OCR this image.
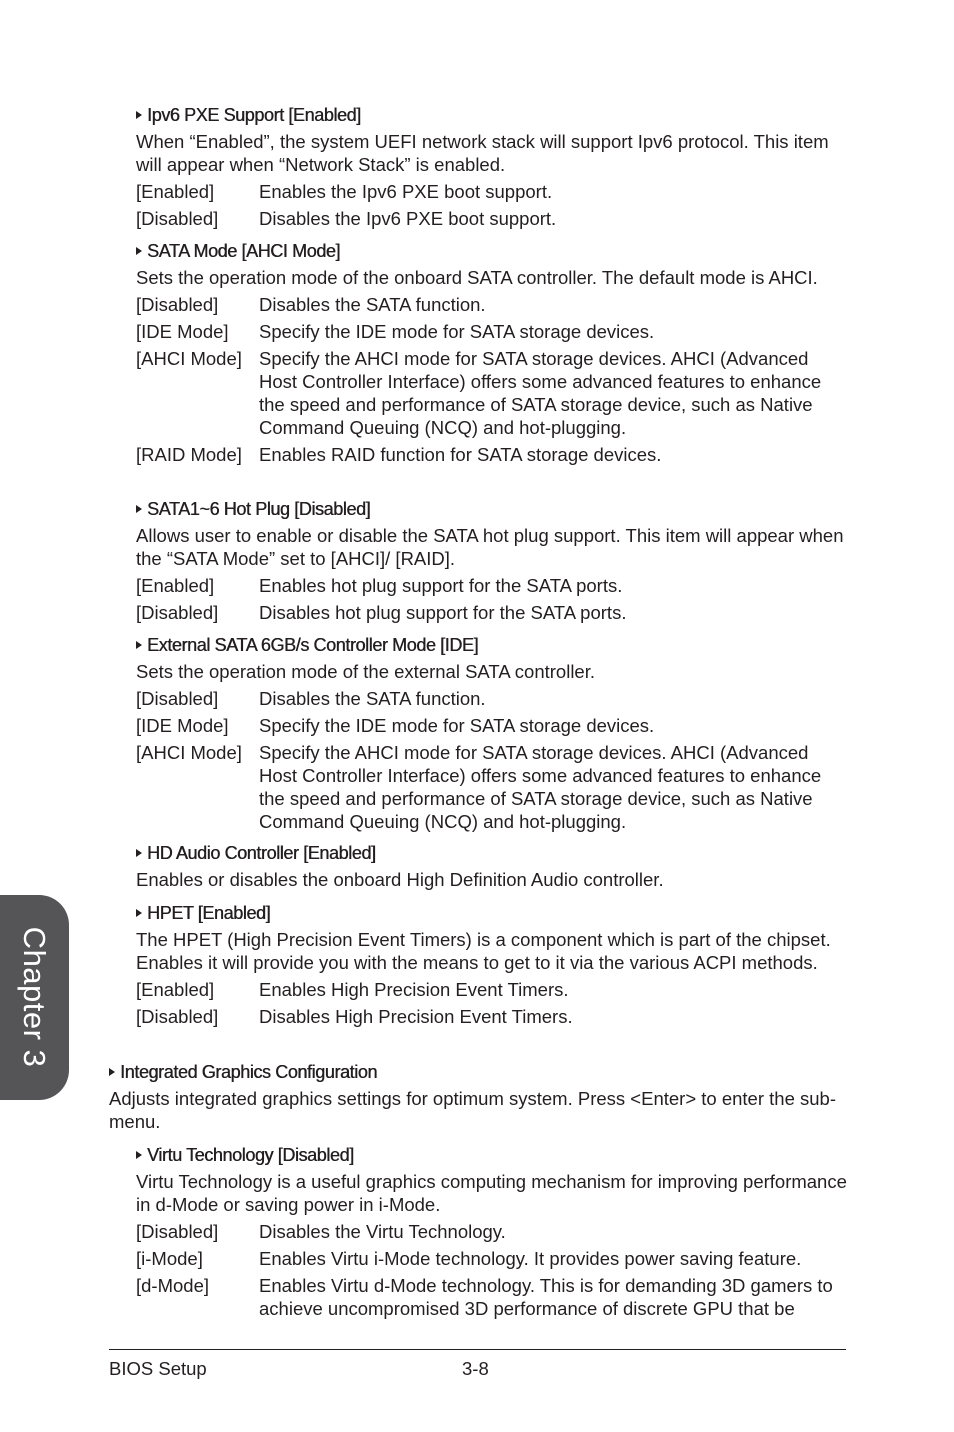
Ipv6 PXE Support [Enabled]
When “Enabled”, the system UEFI network stack will support Ipv6 protocol. This item will appear when “Network Stack” is enabled.
[Enabled]	Enables the Ipv6 PXE boot support.
[Disabled]	Disables the Ipv6 PXE boot support.
SATA Mode [AHCI Mode]
Sets the operation mode of the onboard SATA controller. The default mode is AHCI.
[Disabled]	Disables the SATA function.
[IDE Mode]	Specify the IDE mode for SATA storage devices.
[AHCI Mode] Specify the AHCI mode for SATA storage devices. AHCI (Advanced Host Controller Interface) offers some advanced features to enhance the speed and performance of SATA storage device, such as Native Command Queuing (NCQ) and hot-plugging.
[RAID Mode] Enables RAID function for SATA storage devices.
SATA1~6 Hot Plug [Disabled]
Allows user to enable or disable the SATA hot plug support. This item will appear when the “SATA Mode” set to [AHCI]/ [RAID].
[Enabled]	Enables hot plug support for the SATA ports.
[Disabled]	Disables hot plug support for the SATA ports.
External SATA 6GB/s Controller Mode [IDE]
Sets the operation mode of the external SATA controller.
[Disabled]	Disables the SATA function.
[IDE Mode]	Specify the IDE mode for SATA storage devices.
[AHCI Mode] Specify the AHCI mode for SATA storage devices. AHCI (Advanced Host Controller Interface) offers some advanced features to enhance the speed and performance of SATA storage device, such as Native Command Queuing (NCQ) and hot-plugging.
HD Audio Controller [Enabled]
Enables or disables the onboard High Definition Audio controller.
HPET [Enabled]
The HPET (High Precision Event Timers) is a component which is part of the chipset. Enables it will provide you with the means to get to it via the various ACPI methods.
[Enabled]	Enables High Precision Event Timers.
[Disabled]	Disables High Precision Event Timers.
Integrated Graphics Configuration
Adjusts integrated graphics settings for optimum system. Press <Enter> to enter the sub-menu.
Virtu Technology [Disabled]
Virtu Technology is a useful graphics computing mechanism for improving performance in d-Mode or saving power in i-Mode.
[Disabled]	Disables the Virtu Technology.
[i-Mode]	Enables Virtu i-Mode technology. It provides power saving feature.
[d-Mode]	Enables Virtu d-Mode technology. This is for demanding 3D gamers to achieve uncompromised 3D performance of discrete GPU that be
Chapter 3
BIOS Setup	3-8
